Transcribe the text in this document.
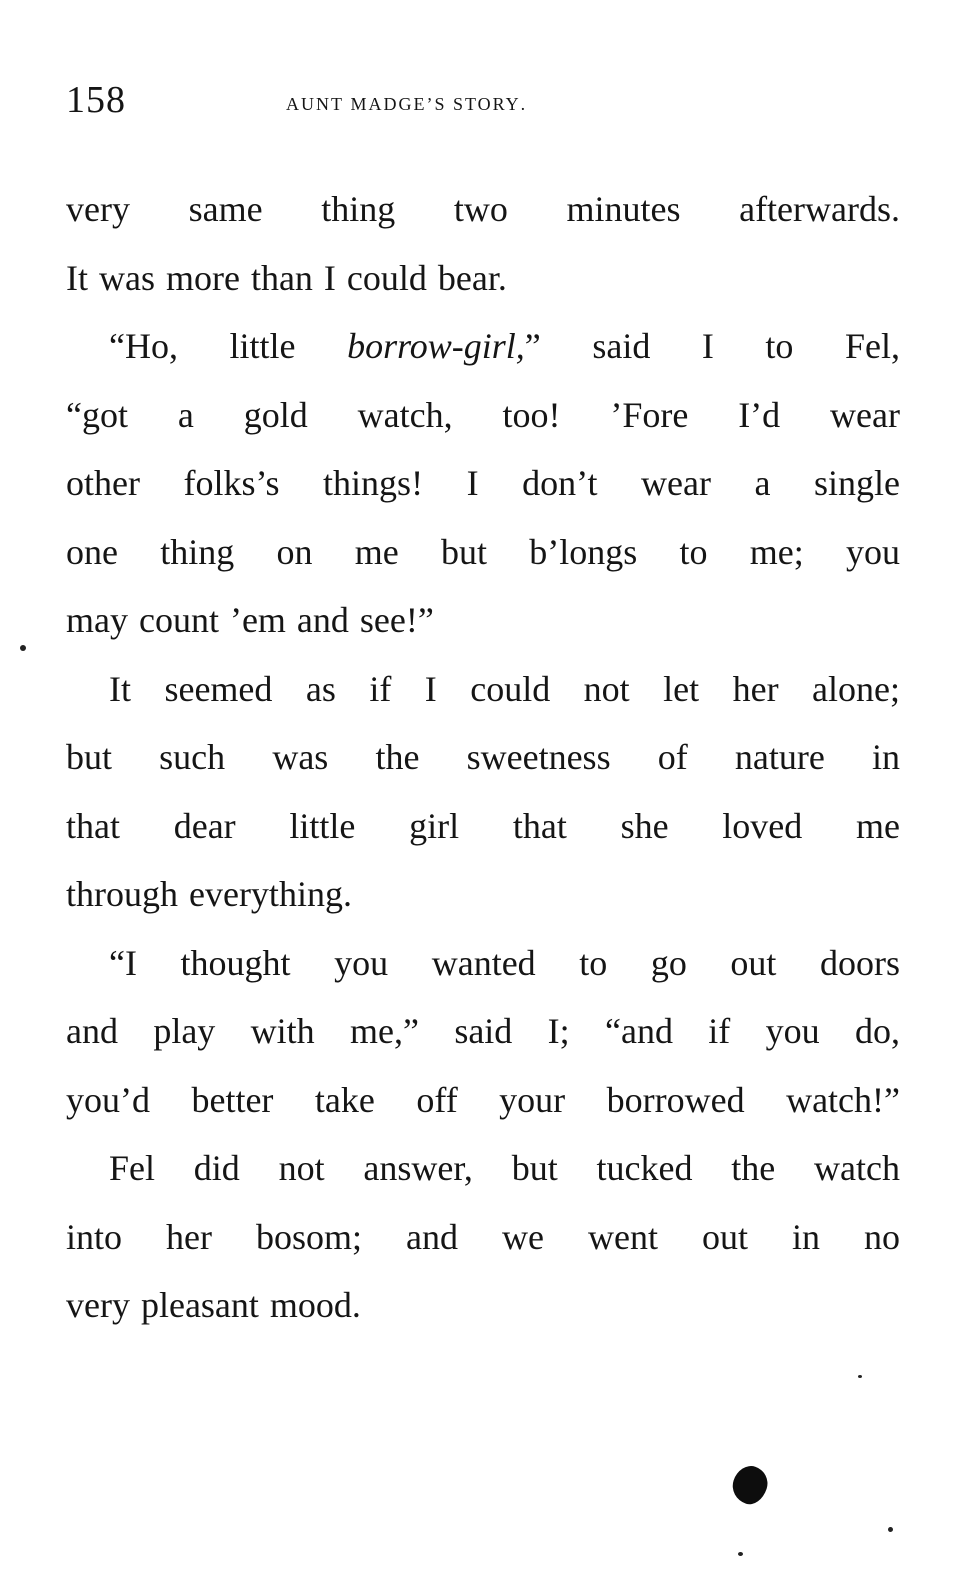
158	aunt madge’s story.
very same thing two minutes afterwards.
It was more than I could bear.
“Ho, little borrow-girl,” said I to Fel,
“got a gold watch, too! ’Fore I’d wear
other folks’s things! I don’t wear a single
one thing on me but b’longs to me; you
may count ’em and see!”
It seemed as if I could not let her alone;
but such was the sweetness of nature in
that dear little girl that she loved me
through everything.
“I thought you wanted to go out doors
and play with me,” said I; “and if you do,
you’d better take off your borrowed watch!”
Fel did not answer, but tucked the watch
into her bosom; and we went out in no
very pleasant mood.
